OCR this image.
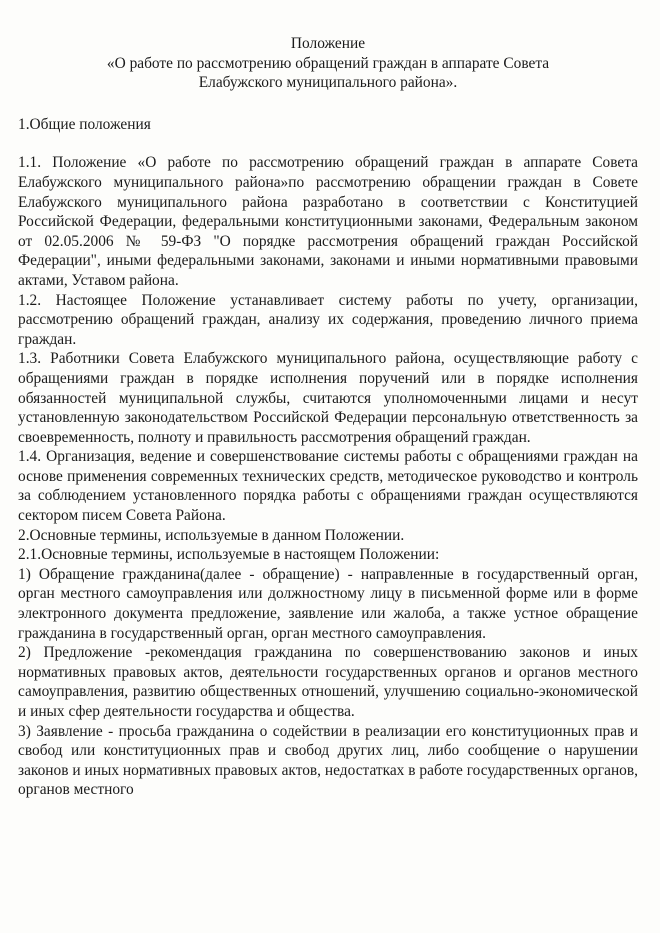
Положение
«О работе по рассмотрению обращений граждан в аппарате Совета
Елабужского муниципального района».

1.Общие положения

1.1. Положение «О работе по рассмотрению обращений граждан в аппарате Совета Елабужского муниципального района»по рассмотрению обращении граждан в Совете Елабужского муниципального района разработано в соответствии с Конституцией Российской Федерации, федеральными конституционными законами, Федеральным законом от 02.05.2006 № 59-ФЗ "О порядке рассмотрения обращений граждан Российской Федерации", иными федеральными законами, законами и иными нормативными правовыми актами, Уставом района.

1.2. Настоящее Положение устанавливает систему работы по учету, организации, рассмотрению обращений граждан, анализу их содержания, проведению личного приема граждан.

1.3. Работники Совета Елабужского муниципального района, осуществляющие работу с обращениями граждан в порядке исполнения поручений или в порядке исполнения обязанностей муниципальной службы, считаются уполномоченными лицами и несут установленную законодательством Российской Федерации персональную ответственность за своевременность, полноту и правильность рассмотрения обращений граждан.

1.4. Организация, ведение и совершенствование системы работы с обращениями граждан на основе применения современных технических средств, методическое руководство и контроль за соблюдением установленного порядка работы с обращениями граждан осуществляются сектором писем Совета Района.

2.Основные термины, используемые в данном Положении.

2.1.Основные термины, используемые в настоящем Положении:

1) Обращение гражданина(далее - обращение) - направленные в государственный орган, орган местного самоуправления или должностному лицу в письменной форме или в форме электронного документа предложение, заявление или жалоба, а также устное обращение гражданина в государственный орган, орган местного самоуправления.

2) Предложение -рекомендация гражданина по совершенствованию законов и иных нормативных правовых актов, деятельности государственных органов и органов местного самоуправления, развитию общественных отношений, улучшению социально-экономической и иных сфер деятельности государства и общества.

3) Заявление - просьба гражданина о содействии в реализации его конституционных прав и свобод или конституционных прав и свобод других лиц, либо сообщение о нарушении законов и иных нормативных правовых актов, недостатках в работе государственных органов, органов местного
